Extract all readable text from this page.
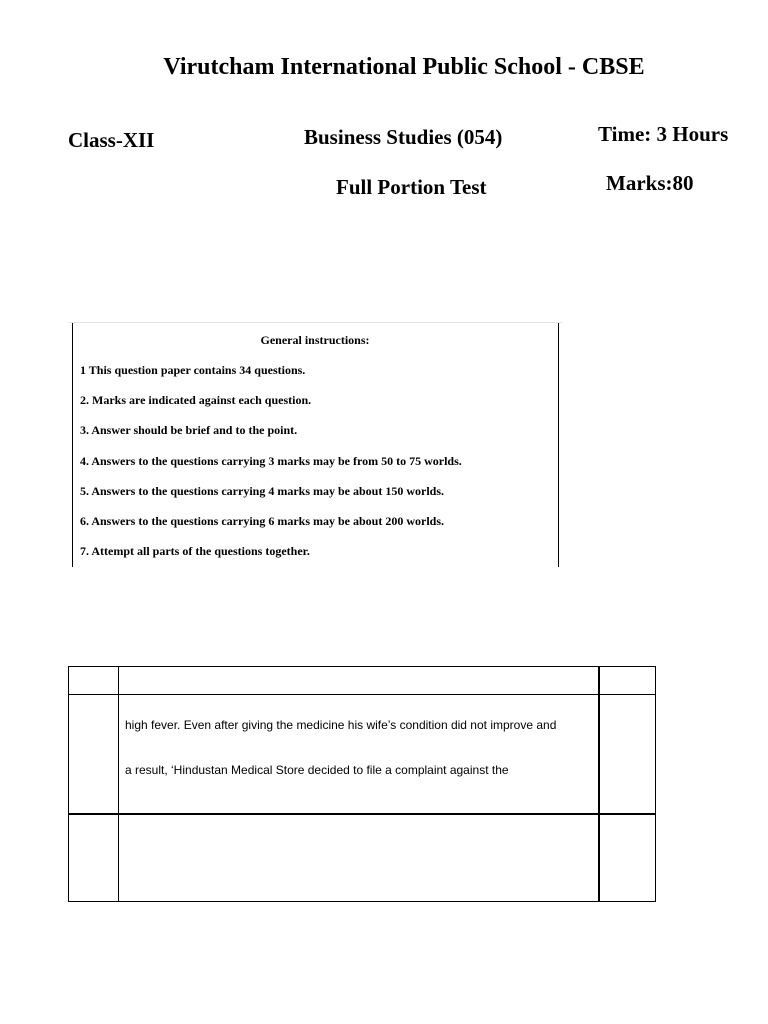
Virutcham International Public School - CBSE
Class-XII	Business Studies (054)	Time: 3 Hours
Full Portion Test	Marks:80
General instructions:
1 This question paper contains 34 questions.
2. Marks are indicated against each question.
3. Answer should be brief and to the point.
4. Answers to the questions carrying 3 marks may be from 50 to 75 worlds.
5. Answers to the questions carrying 4 marks may be about 150 worlds.
6. Answers to the questions carrying 6 marks may be about 200 worlds.
7. Attempt all parts of the questions together.
high fever. Even after giving the medicine his wife’s condition did not improve and
a result, ‘Hindustan Medical Store decided to file a complaint against the
